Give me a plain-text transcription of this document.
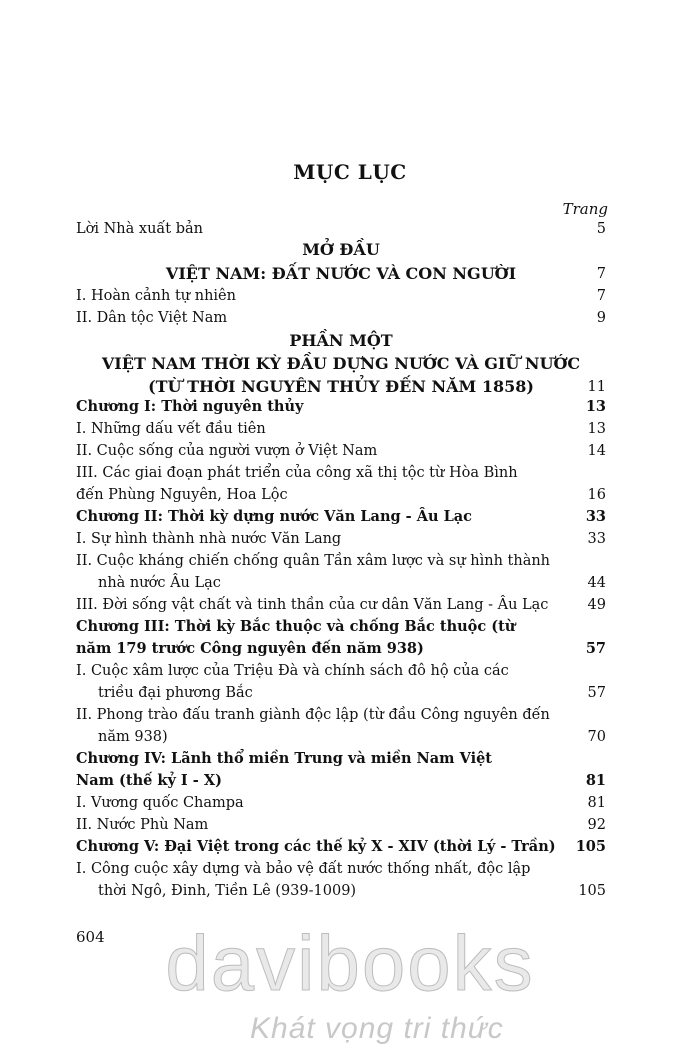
MỤC LỤC
Trang
Lời Nhà xuất bản	5
MỞ ĐẦU
VIỆT NAM: ĐẤT NƯỚC VÀ CON NGƯỜI	7
I. Hoàn cảnh tự nhiên	7
II. Dân tộc Việt Nam	9
PHẦN MỘT
VIỆT NAM THỜI KỲ ĐẦU DỰNG NƯỚC VÀ GIỮ NƯỚC
(TỪ THỜI NGUYÊN THỦY ĐẾN NĂM 1858)	11
Chương I: Thời nguyên thủy	13
I. Những dấu vết đầu tiên	13
II. Cuộc sống của người vượn ở Việt Nam	14
III. Các giai đoạn phát triển của công xã thị tộc từ Hòa Bình
đến Phùng Nguyên, Hoa Lộc	16
Chương II: Thời kỳ dựng nước Văn Lang - Âu Lạc	33
I. Sự hình thành nhà nước Văn Lang	33
II. Cuộc kháng chiến chống quân Tần xâm lược và sự hình thành
nhà nước Âu Lạc	44
III. Đời sống vật chất và tinh thần của cư dân Văn Lang - Âu Lạc	49
Chương III: Thời kỳ Bắc thuộc và chống Bắc thuộc (từ
năm 179 trước Công nguyên đến năm 938)	57
I. Cuộc xâm lược của Triệu Đà và chính sách đô hộ của các
triều đại phương Bắc	57
II. Phong trào đấu tranh giành độc lập (từ đầu Công nguyên đến
năm 938)	70
Chương IV: Lãnh thổ miền Trung và miền Nam Việt
Nam (thế kỷ I - X)	81
I. Vương quốc Champa	81
II. Nước Phù Nam	92
Chương V: Đại Việt trong các thế kỷ X - XIV (thời Lý - Trần)	105
I. Công cuộc xây dựng và bảo vệ đất nước thống nhất, độc lập
thời Ngô, Đinh, Tiền Lê (939-1009)	105
604 davibooks
Khát vọng tri thức
